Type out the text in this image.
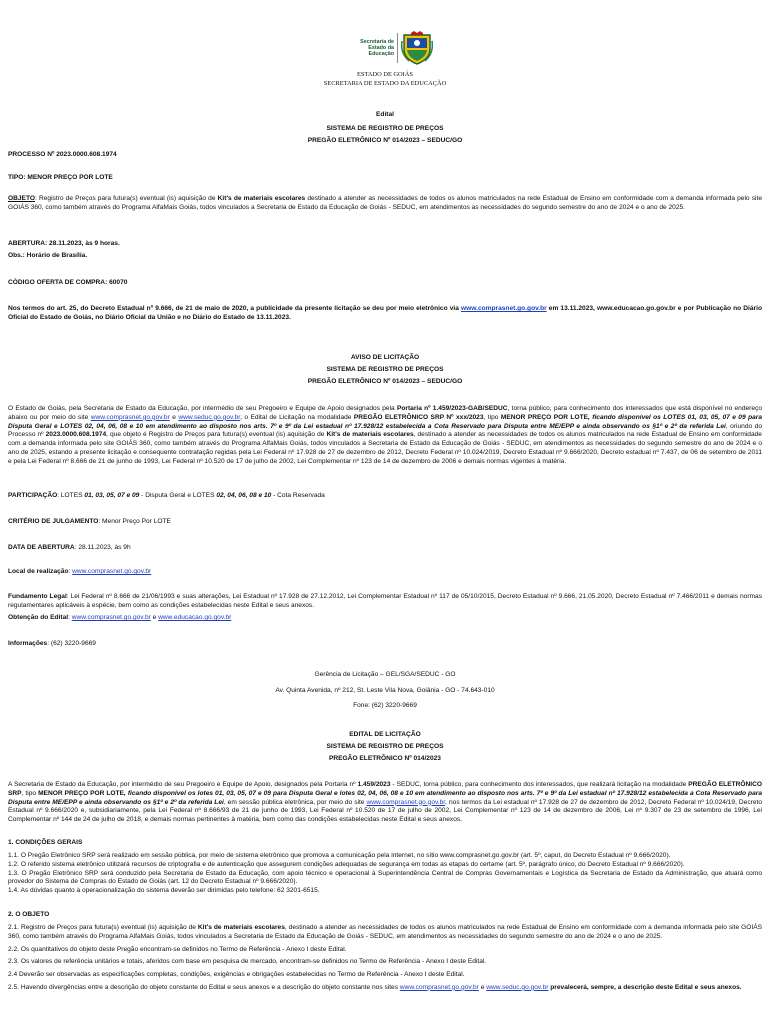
Secretaria de
Estado da
Educação
ESTADO DE GOIÁS
SECRETARIA DE ESTADO DA EDUCAÇÃO
Edital
SISTEMA DE REGISTRO DE PREÇOS
PREGÃO ELETRÔNICO Nº 014/2023 – SEDUC/GO
PROCESSO Nº 2023.0000.608.1974
TIPO: MENOR PREÇO POR LOTE
OBJETO: Registro de Preços para futura(s) eventual (is) aquisição de Kit's de materiais escolares destinado a atender as necessidades de todos os alunos matriculados na rede Estadual de Ensino em conformidade com a demanda informada pelo site GOIÁS 360, como também através do Programa AlfaMais Goiás, todos vinculados a Secretaria de Estado da Educação de Goiás - SEDUC, em atendimentos as necessidades do segundo semestre do ano de 2024 e o ano de 2025.
ABERTURA: 28.11.2023, às 9 horas.
Obs.: Horário de Brasília.
CÓDIGO OFERTA DE COMPRA: 60070
Nos termos do art. 25, do Decreto Estadual nº 9.666, de 21 de maio de 2020, a publicidade da presente licitação se deu por meio eletrônico via www.comprasnet.go.gov.br em 13.11.2023, www.educacao.go.gov.br e por Publicação no Diário Oficial do Estado de Goiás, no Diário Oficial da União e no Diário do Estado de 13.11.2023.
AVISO DE LICITAÇÃO
SISTEMA DE REGISTRO DE PREÇOS
PREGÃO ELETRÔNICO Nº 014/2023 – SEDUC/GO
O Estado de Goiás, pela Secretaria de Estado da Educação, por intermédio de seu Pregoeiro e Equipe de Apoio designados pela Portaria nº 1.459/2023-GAB/SEDUC, torna público, para conhecimento dos interessados que está disponível no endereço abaixo ou por meio do site www.comprasnet.go.gov.br e www.seduc.go.gov.br, o Edital de Licitação na modalidade PREGÃO ELETRÔNICO SRP Nº xxx/2023, tipo MENOR PREÇO POR LOTE, ficando disponível os LOTES 01, 03, 05, 07 e 09 para Disputa Geral e LOTES 02, 04, 06, 08 e 10 em atendimento ao disposto nos arts. 7º e 9º da Lei estadual nº 17.928/12 estabelecida a Cota Reservado para Disputa entre ME/EPP e ainda observando os §1º e 2º da referida Lei, oriundo do Processo nº 2023.0000.608.1974, que objeto é Registro de Preços para futura(s) eventual (is) aquisição de Kit's de materiais escolares, destinado a atender as necessidades de todos os alunos matriculados na rede Estadual de Ensino em conformidade com a demanda informada pelo site GOIÁS 360, como também através do Programa AlfaMais Goiás, todos vinculados a Secretaria de Estado da Educação de Goiás - SEDUC, em atendimentos as necessidades do segundo semestre do ano de 2024 e o ano de 2025, estando a presente licitação e consequente contratação regidas pela Lei Federal nº 17.928 de 27 de dezembro de 2012, Decreto Federal nº 10.024/2019, Decreto Estadual nº 9.666/2020, Decreto estadual nº 7.437, de 06 de setembro de 2011 e pela Lei Federal nº 8.666 de 21 de junho de 1993, Lei Federal nº 10.520 de 17 de julho de 2002, Lei Complementar nº 123 de 14 de dezembro de 2006 e demais normas vigentes à matéria.
PARTICIPAÇÃO: LOTES 01, 03, 05, 07 e 09 - Disputa Geral e LOTES 02, 04, 06, 08 e 10 - Cota Reservada
CRITÉRIO DE JULGAMENTO: Menor Preço Por LOTE
DATA DE ABERTURA: 28.11.2023, às 9h
Local de realização: www.comprasnet.go.gov.br
Fundamento Legal: Lei Federal nº 8.666 de 21/06/1993 e suas alterações, Lei Estadual nº 17.928 de 27.12.2012, Lei Complementar Estadual nº 117 de 05/10/2015, Decreto Estadual nº 9.666, 21.05.2020, Decreto Estadual nº 7.466/2011 e demais normas regulamentares aplicáveis à espécie, bem como as condições estabelecidas neste Edital e seus anexos.
Obtenção do Edital: www.comprasnet.go.gov.br e www.educacao.go.gov.br
Informações: (62) 3220-9669
Gerência de Licitação – GEL/SGA/SEDUC - GO
Av. Quinta Avenida, nº 212, St. Leste Vila Nova, Goiânia - GO - 74.643-010
Fone: (62) 3220-9669
EDITAL DE LICITAÇÃO
SISTEMA DE REGISTRO DE PREÇOS
PREGÃO ELETRÔNICO Nº 014/2023
A Secretaria de Estado da Educação, por intermédio de seu Pregoeiro e Equipe de Apoio, designados pela Portaria nº 1.459/2023 - SEDUC, torna público, para conhecimento dos interessados, que realizará licitação na modalidade PREGÃO ELETRÔNICO SRP, tipo MENOR PREÇO POR LOTE, ficando disponível os lotes 01, 03, 05, 07 e 09 para Disputa Geral e lotes 02, 04, 06, 08 e 10 em atendimento ao disposto nos arts. 7º e 9º da Lei estadual nº 17.928/12 estabelecida a Cota Reservado para Disputa entre ME/EPP e ainda observando os §1º e 2º da referida Lei, em sessão pública eletrônica, por meio do site www.comprasnet.go.gov.br, nos termos da Lei estadual nº 17.928 de 27 de dezembro de 2012, Decreto Federal nº 10.024/19, Decreto Estadual nº 9.666/2020 e, subsidiariamente, pela Lei Federal nº 8.666/93 de 21 de junho de 1993, Lei Federal nº 10.520 de 17 de julho de 2002, Lei Complementar nº 123 de 14 de dezembro de 2006, Lei nº 9.307 de 23 de setembro de 1996, Lei Complementar nº 144 de 24 de julho de 2018, e demais normas pertinentes à matéria, bem como das condições estabelecidas neste Edital e seus anexos.
1. CONDIÇÕES GERAIS
1.1. O Pregão Eletrônico SRP será realizado em sessão pública, por meio de sistema eletrônico que promova a comunicação pela internet, no sítio www.comprasnet.go.gov.br (art. 5º, caput, do Decreto Estadual nº 9.666/2020).
1.2. O referido sistema eletrônico utilizará recursos de criptografia e de autenticação que assegurem condições adequadas de segurança em todas as etapas do certame (art. 5º, parágrafo único, do Decreto Estadual nº 9.666/2020).
1.3. O Pregão Eletrônico SRP será conduzido pela Secretaria de Estado da Educação, com apoio técnico e operacional à Superintendência Central de Compras Governamentais e Logística da Secretaria de Estado da Administração, que atuará como provedor do Sistema de Compras do Estado de Goiás (art. 12 do Decreto Estadual nº 9.666/2020).
1.4. As dúvidas quanto à operacionalização do sistema deverão ser dirimidas pelo telefone: 62 3201-6515.
2. O OBJETO
2.1. Registro de Preços para futura(s) eventual (is) aquisição de Kit's de materiais escolares, destinado a atender as necessidades de todos os alunos matriculados na rede Estadual de Ensino em conformidade com a demanda informada pelo site GOIÁS 360, como também através do Programa AlfaMais Goiás, todos vinculados a Secretaria de Estado da Educação de Goiás - SEDUC, em atendimentos as necessidades do segundo semestre do ano de 2024 e o ano de 2025.
2.2. Os quantitativos do objeto deste Pregão encontram-se definidos no Termo de Referência - Anexo I deste Edital.
2.3. Os valores de referência unitários e totais, aferidos com base em pesquisa de mercado, encontram-se definidos no Termo de Referência - Anexo I deste Edital.
2.4 Deverão ser observadas as especificações completas, condições, exigências e obrigações estabelecidas no Termo de Referência - Anexo I deste Edital.
2.5. Havendo divergências entre a descrição do objeto constante do Edital e seus anexos e a descrição do objeto constante nos sites www.comprasnet.go.gov.br e www.seduc.go.gov.br prevalecerá, sempre, a descrição deste Edital e seus anexos.
